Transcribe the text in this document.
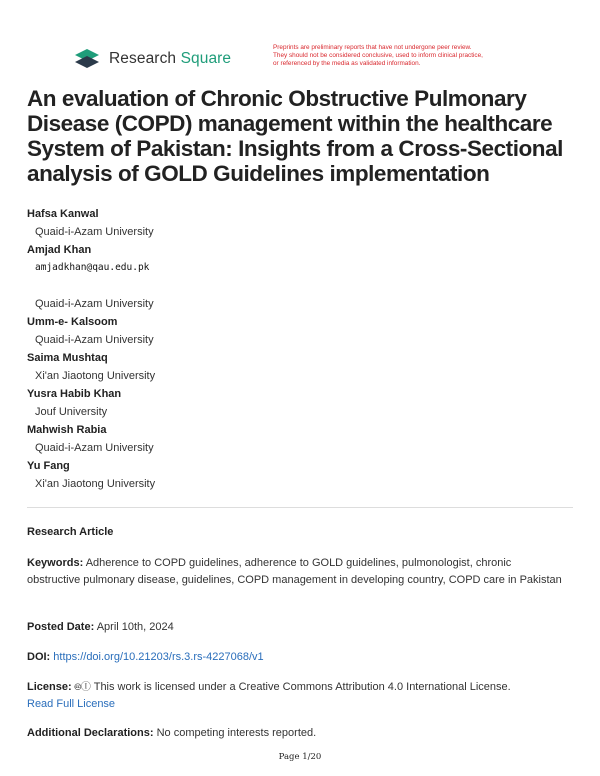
Research Square
Preprints are preliminary reports that have not undergone peer review.
They should not be considered conclusive, used to inform clinical practice,
or referenced by the media as validated information.
An evaluation of Chronic Obstructive Pulmonary Disease (COPD) management within the healthcare System of Pakistan: Insights from a Cross-Sectional analysis of GOLD Guidelines implementation
Hafsa Kanwal
Quaid-i-Azam University
Amjad Khan
amjadkhan@qau.edu.pk
Quaid-i-Azam University
Umm-e- Kalsoom
Quaid-i-Azam University
Saima Mushtaq
Xi'an Jiaotong University
Yusra Habib Khan
Jouf University
Mahwish Rabia
Quaid-i-Azam University
Yu Fang
Xi'an Jiaotong University
Research Article
Keywords: Adherence to COPD guidelines, adherence to GOLD guidelines, pulmonologist, chronic obstructive pulmonary disease, guidelines, COPD management in developing country, COPD care in Pakistan
Posted Date: April 10th, 2024
DOI: https://doi.org/10.21203/rs.3.rs-4227068/v1
License: 🅭Ⓘ This work is licensed under a Creative Commons Attribution 4.0 International License.
Read Full License
Additional Declarations: No competing interests reported.
Page 1/20
